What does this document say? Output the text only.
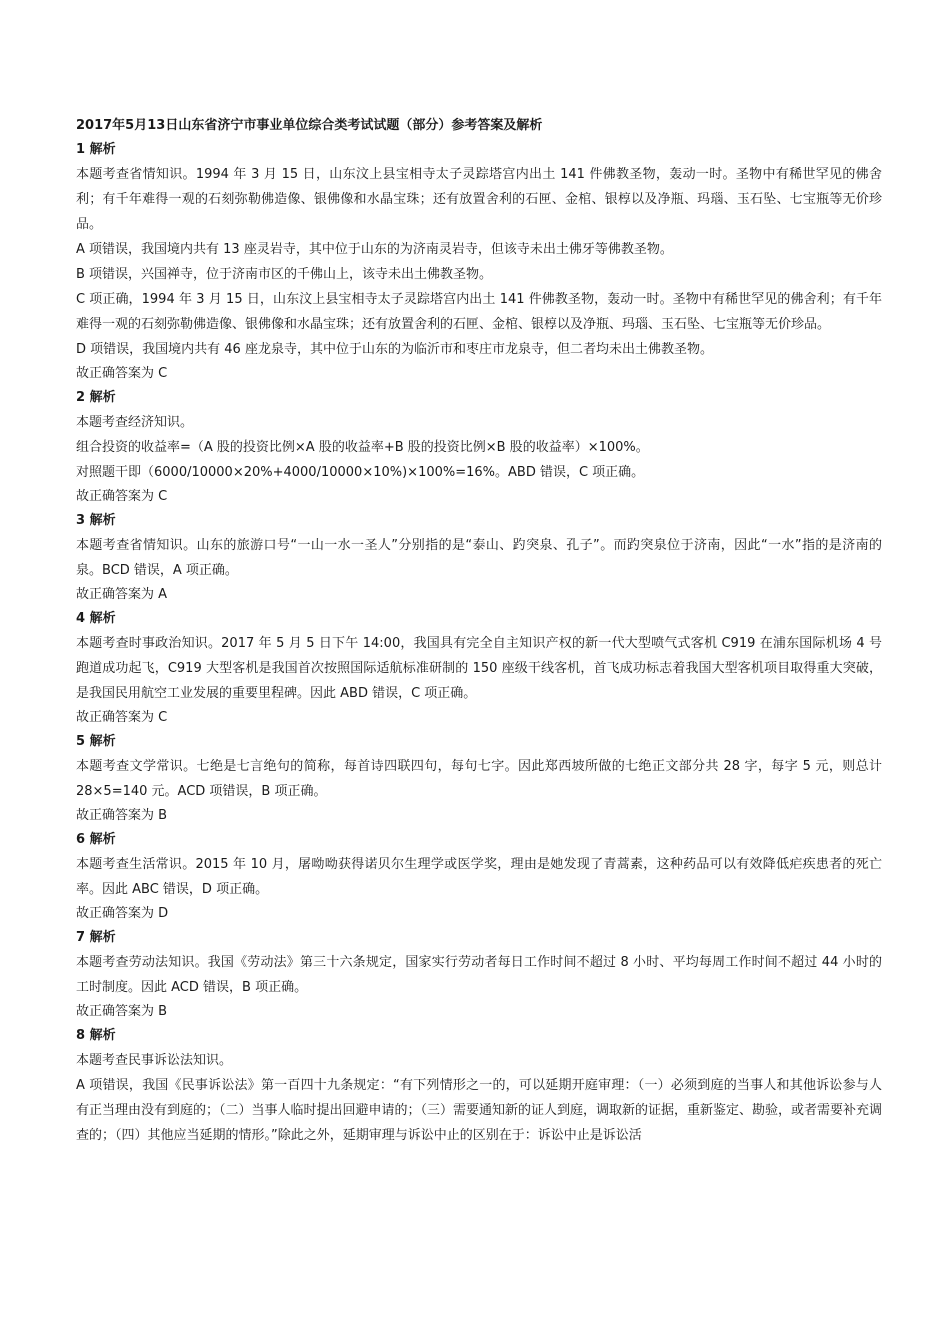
2017年5月13日山东省济宁市事业单位综合类考试试题（部分）参考答案及解析
1 解析

本题考查省情知识。1994 年 3 月 15 日，山东汶上县宝相寺太子灵踪塔宫内出土 141 件佛教圣物，轰动一时。圣物中有稀世罕见的佛舍利；有千年难得一观的石刻弥勒佛造像、银佛像和水晶宝珠；还有放置舍利的石匣、金棺、银椁以及净瓶、玛瑙、玉石坠、七宝瓶等无价珍品。

A 项错误，我国境内共有 13 座灵岩寺，其中位于山东的为济南灵岩寺，但该寺未出土佛牙等佛教圣物。

B 项错误，兴国禅寺，位于济南市区的千佛山上，该寺未出土佛教圣物。

C 项正确，1994 年 3 月 15 日，山东汶上县宝相寺太子灵踪塔宫内出土 141 件佛教圣物，轰动一时。圣物中有稀世罕见的佛舍利；有千年难得一观的石刻弥勒佛造像、银佛像和水晶宝珠；还有放置舍利的石匣、金棺、银椁以及净瓶、玛瑙、玉石坠、七宝瓶等无价珍品。

D 项错误，我国境内共有 46 座龙泉寺，其中位于山东的为临沂市和枣庄市龙泉寺，但二者均未出土佛教圣物。

故正确答案为 C
2 解析

本题考查经济知识。

组合投资的收益率=（A 股的投资比例×A 股的收益率+B 股的投资比例×B 股的收益率）×100%。

对照题干即（6000/10000×20%+4000/10000×10%)×100%=16%。ABD 错误，C 项正确。

故正确答案为 C
3 解析

本题考查省情知识。山东的旅游口号“一山一水一圣人”分别指的是“泰山、趵突泉、孔子”。而趵突泉位于济南，因此“一水”指的是济南的泉。BCD 错误，A 项正确。

故正确答案为 A
4 解析

本题考查时事政治知识。2017 年 5 月 5 日下午 14:00，我国具有完全自主知识产权的新一代大型喷气式客机 C919 在浦东国际机场 4 号跑道成功起飞，C919 大型客机是我国首次按照国际适航标准研制的 150 座级干线客机，首飞成功标志着我国大型客机项目取得重大突破，是我国民用航空工业发展的重要里程碑。因此 ABD 错误，C 项正确。

故正确答案为 C
5 解析

本题考查文学常识。七绝是七言绝句的简称，每首诗四联四句，每句七字。因此郑西坡所做的七绝正文部分共 28 字，每字 5 元，则总计 28×5=140 元。ACD 项错误，B 项正确。

故正确答案为 B
6 解析

本题考查生活常识。2015 年 10 月，屠呦呦获得诺贝尔生理学或医学奖，理由是她发现了青蒿素，这种药品可以有效降低疟疾患者的死亡率。因此 ABC 错误，D 项正确。

故正确答案为 D
7 解析

本题考查劳动法知识。我国《劳动法》第三十六条规定，国家实行劳动者每日工作时间不超过 8 小时、平均每周工作时间不超过 44 小时的工时制度。因此 ACD 错误，B 项正确。

故正确答案为 B
8 解析

本题考查民事诉讼法知识。

A 项错误，我国《民事诉讼法》第一百四十九条规定：“有下列情形之一的，可以延期开庭审理：（一）必须到庭的当事人和其他诉讼参与人有正当理由没有到庭的；（二）当事人临时提出回避申请的；（三）需要通知新的证人到庭，调取新的证据，重新鉴定、勘验，或者需要补充调查的；（四）其他应当延期的情形。”除此之外，延期审理与诉讼中止的区别在于：诉讼中止是诉讼活
